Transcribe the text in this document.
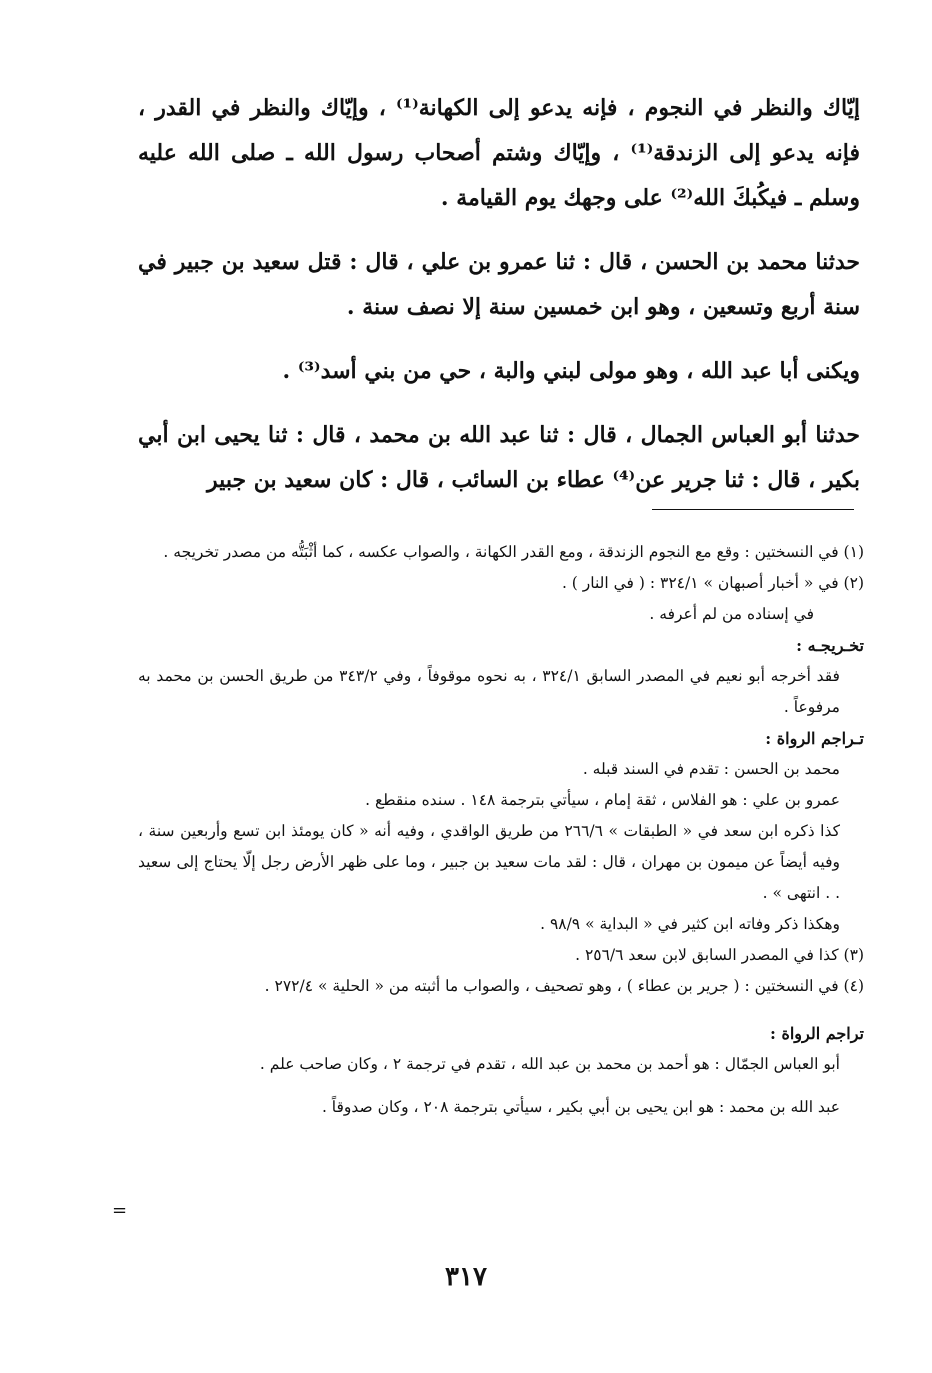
إيّاك والنظر في النجوم ، فإنه يدعو إلى الكهانة⁽¹⁾ ، وإيّاك والنظر في القدر ، فإنه يدعو إلى الزندقة⁽¹⁾ ، وإيّاك وشتم أصحاب رسول الله ـ صلى الله عليه وسلم ـ فيكُبكَ الله⁽²⁾ على وجهك يوم القيامة .

حدثنا محمد بن الحسن ، قال : ثنا عمرو بن علي ، قال : قتل سعيد بن جبير في سنة أربع وتسعين ، وهو ابن خمسين سنة إلا نصف سنة .

ويكنى أبا عبد الله ، وهو مولى لبني والبة ، حي من بني أسد⁽³⁾ .

حدثنا أبو العباس الجمال ، قال : ثنا عبد الله بن محمد ، قال : ثنا يحيى ابن أبي بكير ، قال : ثنا جرير عن⁽⁴⁾ عطاء بن السائب ، قال : كان سعيد بن جبير

(١) في النسختين : وقع مع النجوم الزندقة ، ومع القدر الكهانة ، والصواب عكسه ، كما أثْبَتُّه من مصدر تخريجه .

(٢) في « أخبار أصبهان » ٣٢٤/١ : ( في النار ) .

في إسناده من لم أعرفه .

تخـريجـه :

فقد أخرجه أبو نعيم في المصدر السابق ٣٢٤/١ ، به نحوه موقوفاً ، وفي ٣٤٣/٢ من طريق الحسن بن محمد به مرفوعاً .

تـراجم الرواة :

محمد بن الحسن : تقدم في السند قبله .

عمرو بن علي : هو الفلاس ، ثقة إمام ، سيأتي بترجمة ١٤٨ . سنده منقطع .

كذا ذكره ابن سعد في « الطبقات » ٢٦٦/٦ من طريق الواقدي ، وفيه أنه « كان يومئذ ابن تسع وأربعين سنة ، وفيه أيضاً عن ميمون بن مهران ، قال : لقد مات سعيد بن جبير ، وما على ظهر الأرض رجل إلّا يحتاج إلى سعيد . . انتهى » .

وهكذا ذكر وفاته ابن كثير في « البداية » ٩٨/٩ .

(٣) كذا في المصدر السابق لابن سعد ٢٥٦/٦ .

(٤) في النسختين : ( جرير بن عطاء ) ، وهو تصحيف ، والصواب ما أثبته من « الحلية » ٢٧٢/٤ .

تراجم الرواة :

أبو العباس الجمّال : هو أحمد بن محمد بن عبد الله ، تقدم في ترجمة ٢ ، وكان صاحب علم .

عبد الله بن محمد : هو ابن يحيى بن أبي بكير ، سيأتي بترجمة ٢٠٨ ، وكان صدوقاً .

=
٣١٧
